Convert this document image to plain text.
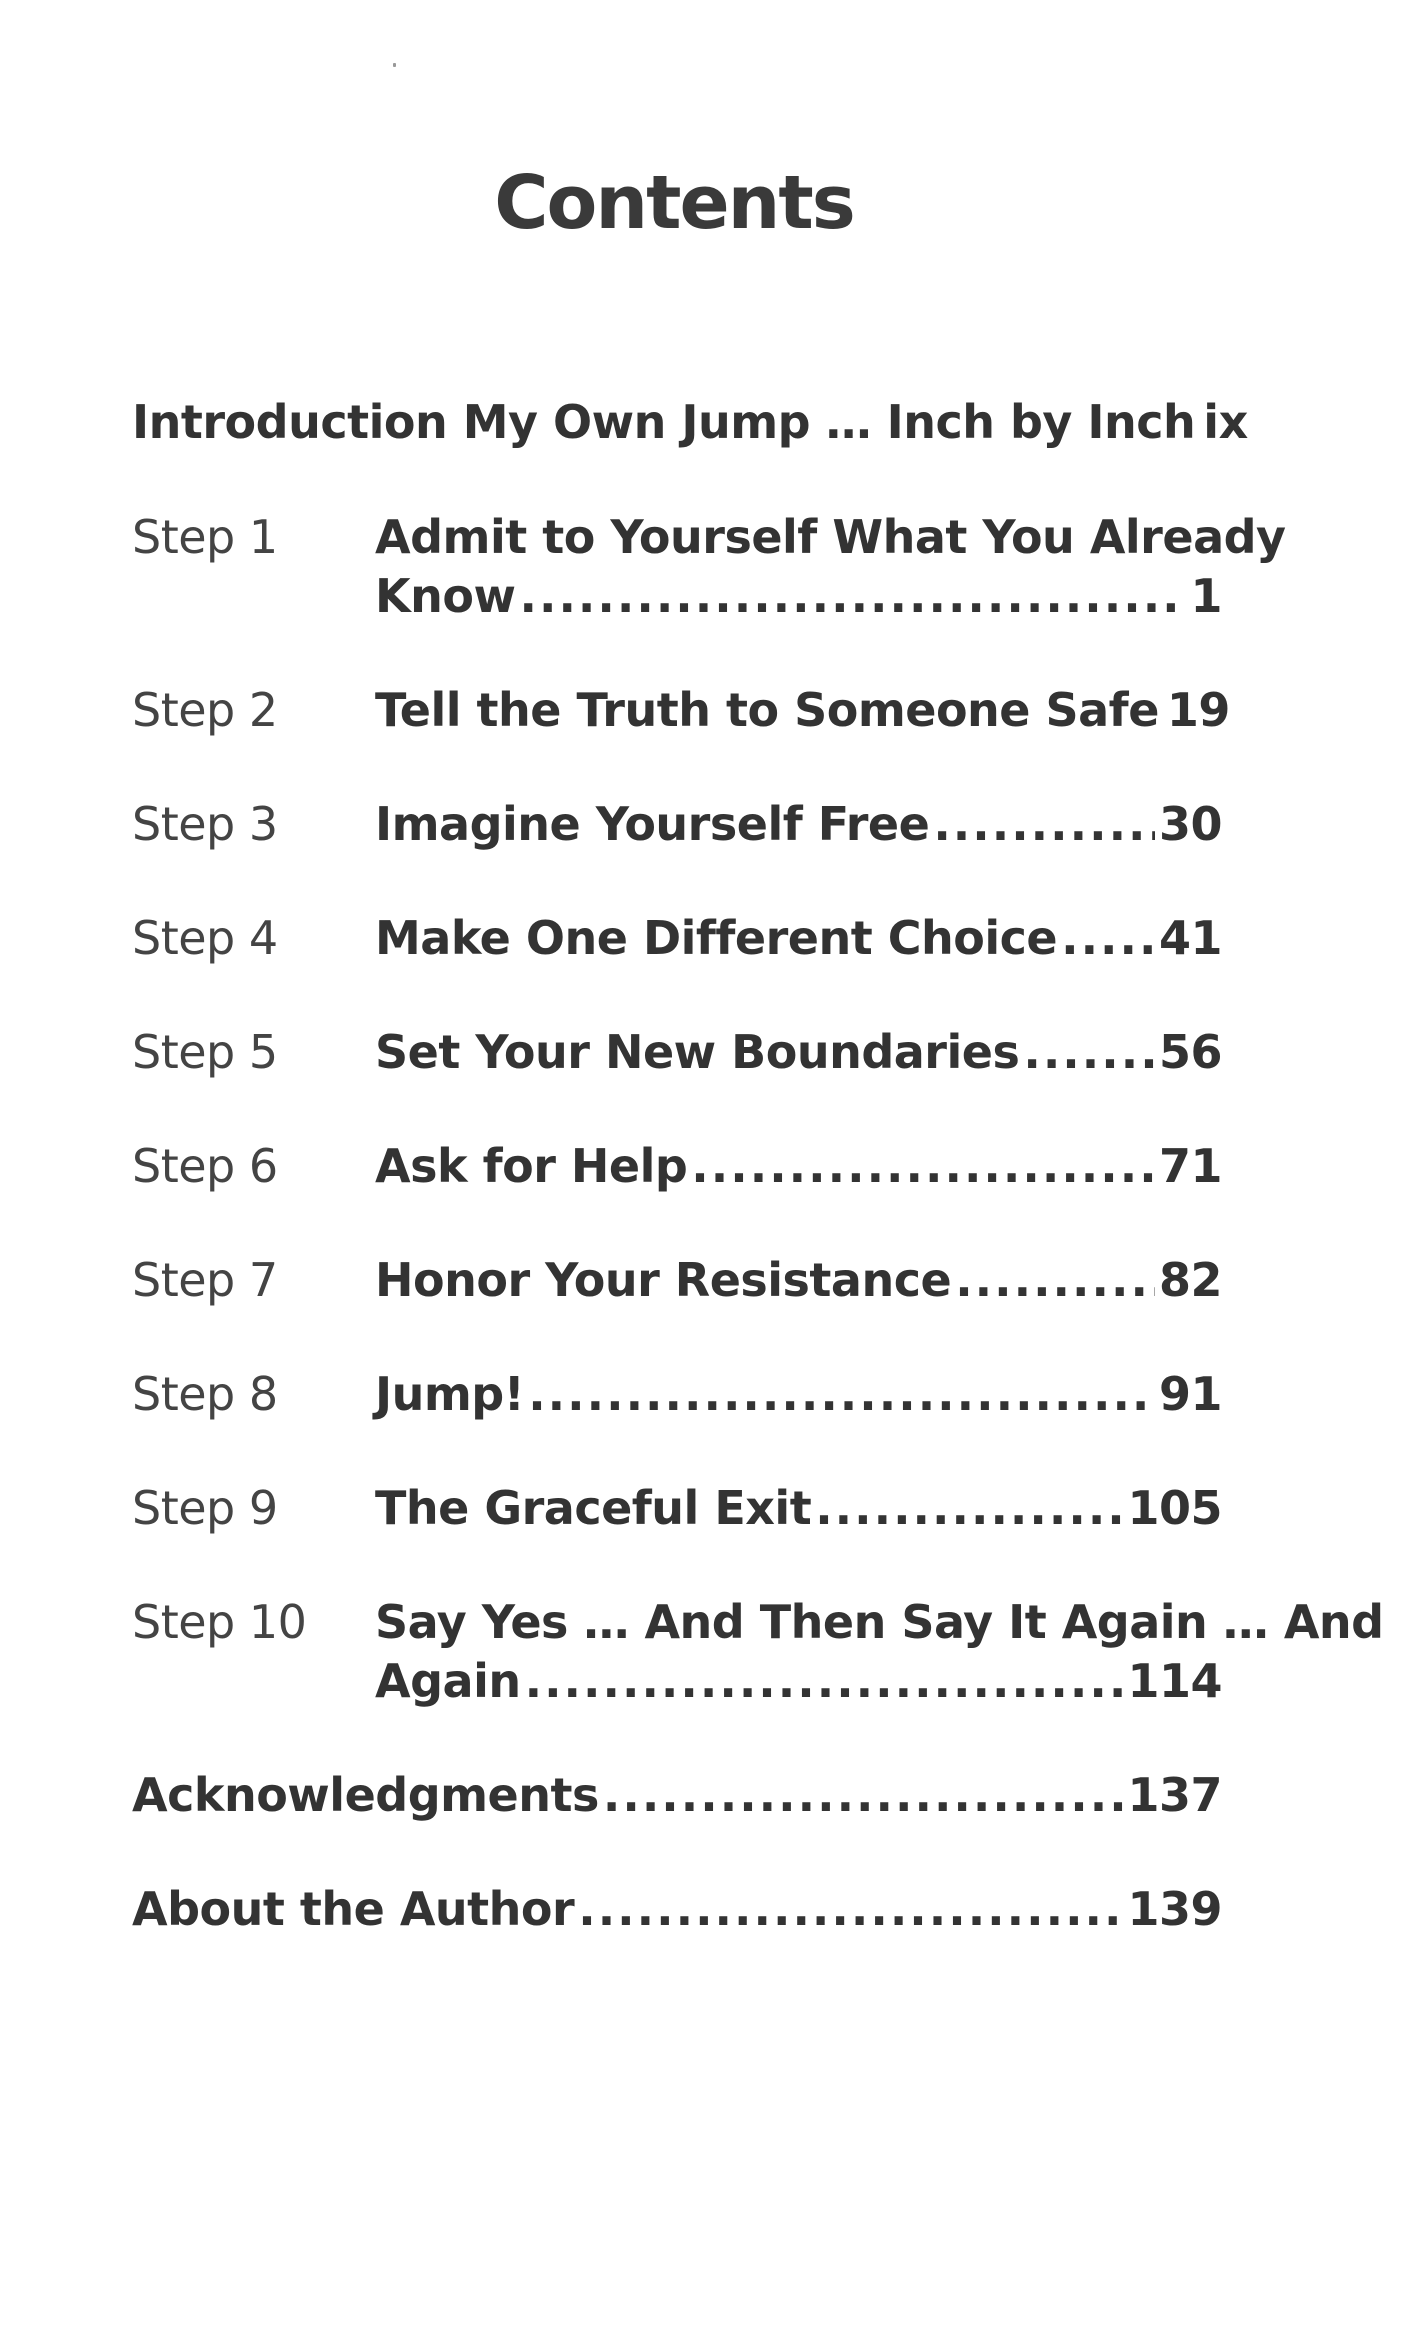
Contents
Introduction My Own Jump … Inch by Inch ix
Step 1 Admit to Yourself What You Already
Know .....	1
Step 2 Tell the Truth to Someone Safe 19
Step 3 Imagine Yourself Free .....	30
Step 4 Make One Different Choice ..... 41
Step 5 Set Your New Boundaries .....	56
Step 6 Ask for Help .....	71
Step 7 Honor Your Resistance .....	82
Step 8 Jump! .....	91
Step 9 The Graceful Exit .....	105
Step 10 Say Yes … And Then Say It Again … And
Again .....	114
Acknowledgments .....	137
About the Author .....	139
